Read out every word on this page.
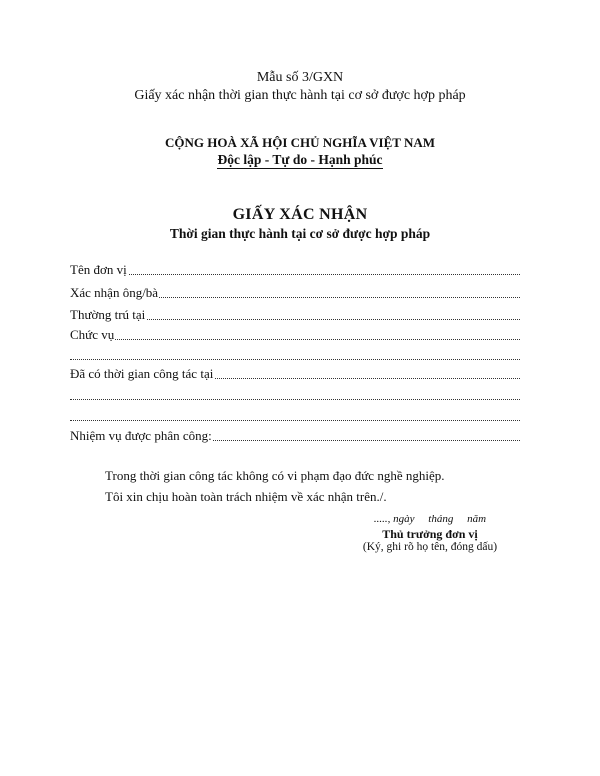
Mẫu số 3/GXN
Giấy xác nhận thời gian thực hành tại cơ sở được hợp pháp
CỘNG HOÀ XÃ HỘI CHỦ NGHĨA VIỆT NAM
Độc lập - Tự do - Hạnh phúc
GIẤY XÁC NHẬN
Thời gian thực hành tại cơ sở được hợp pháp
Tên đơn vị
Xác nhận ông/bà
Thường trú tại
Chức vụ
Đã có thời gian công tác tại
Nhiệm vụ được phân công:
Trong thời gian công tác không có vi phạm đạo đức nghề nghiệp.
Tôi xin chịu hoàn toàn trách nhiệm về xác nhận trên./.
....., ngày     tháng     năm
Thủ trưởng đơn vị
(Ký, ghi rõ họ tên, đóng dấu)
